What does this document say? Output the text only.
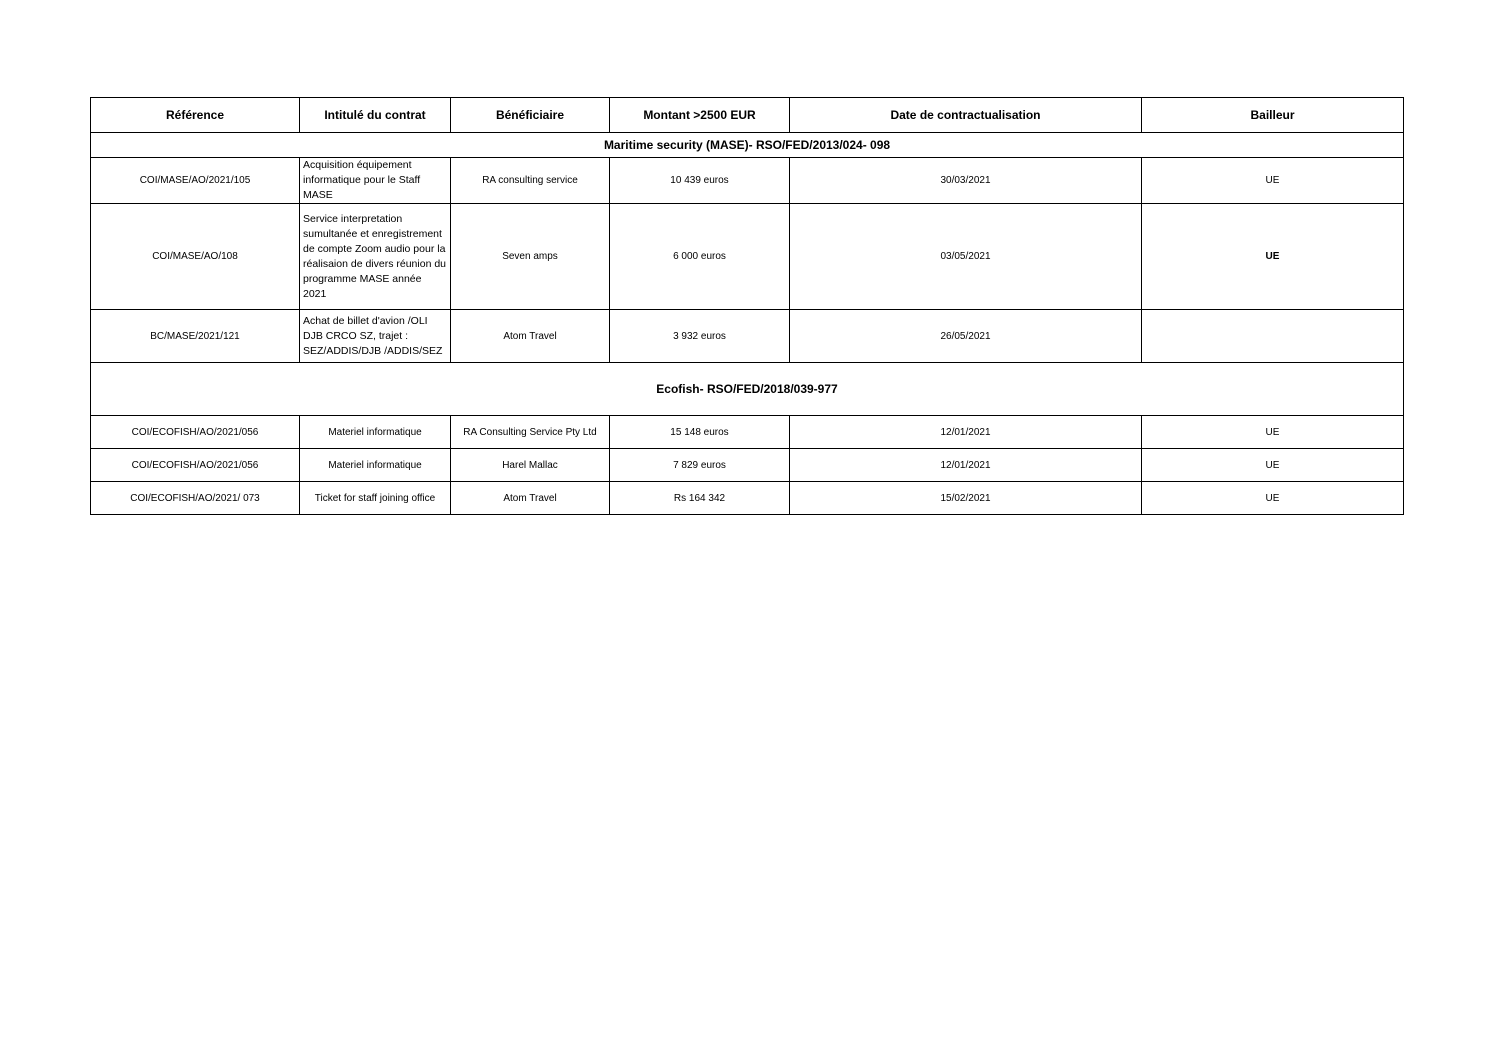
Référence	Intitulé du contrat	Bénéficiaire	Montant >2500 EUR	Date de contractualisation	Bailleur
Maritime security (MASE)- RSO/FED/2013/024- 098					
COI/MASE/AO/2021/105	Acquisition équipement informatique pour le Staff MASE	RA consulting service	10 439 euros	30/03/2021	UE
COI/MASE/AO/108	Service interpretation sumultanée et enregistrement de compte Zoom audio pour la réalisaion de divers réunion du programme MASE année 2021	Seven amps	6 000 euros	03/05/2021	UE
BC/MASE/2021/121	Achat de billet d'avion /OLI DJB CRCO SZ, trajet : SEZ/ADDIS/DJB /ADDIS/SEZ	Atom Travel	3 932 euros	26/05/2021	
Ecofish- RSO/FED/2018/039-977					
COI/ECOFISH/AO/2021/056	Materiel informatique	RA Consulting Service Pty Ltd	15 148 euros	12/01/2021	UE
COI/ECOFISH/AO/2021/056	Materiel informatique	Harel Mallac	7 829 euros	12/01/2021	UE
COI/ECOFISH/AO/2021/ 073	Ticket for staff joining office	Atom Travel	Rs 164 342	15/02/2021	UE
